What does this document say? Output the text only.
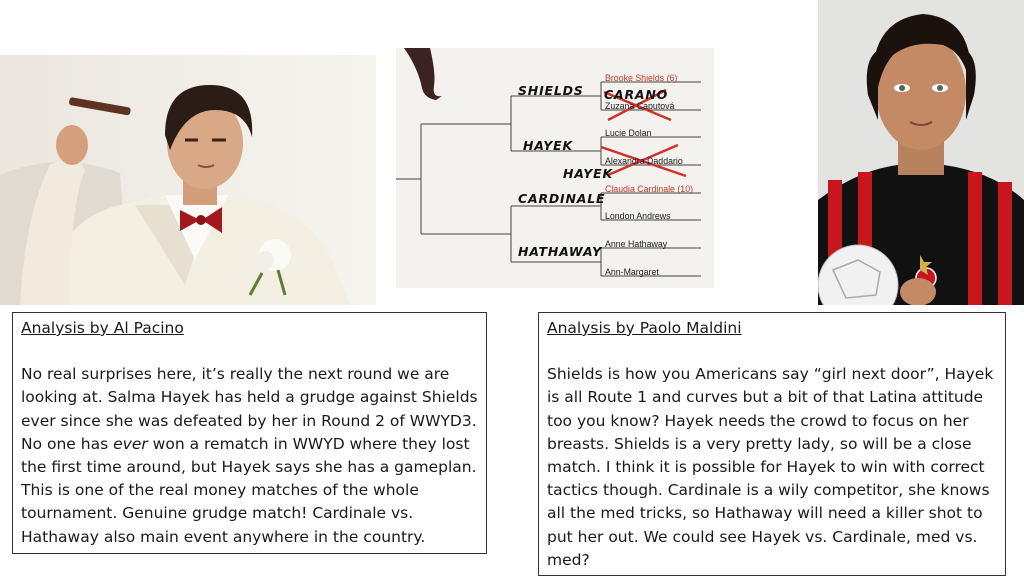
Brooke Shields (6)
Zuzana Caputová
Lucie Dolan
Alexandra Daddario
Claudia Cardinale (10)
London Andrews
Anne Hathaway
Ann-Margaret
SHIELDS CARANO
HAYEK
HAYEK
CARDINALE
HATHAWAY
Analysis by Al Pacino

No real surprises here, it’s really the next round we are looking at. Salma Hayek has held a grudge against Shields ever since she was defeated by her in Round 2 of WWYD3. No one has ever won a rematch in WWYD where they lost the first time around, but Hayek says she has a gameplan. This is one of the real money matches of the whole tournament. Genuine grudge match! Cardinale vs. Hathaway also main event anywhere in the country.

Analysis by Paolo Maldini

Shields is how you Americans say “girl next door”, Hayek is all Route 1 and curves but a bit of that Latina attitude too you know? Hayek needs the crowd to focus on her breasts. Shields is a very pretty lady, so will be a close match. I think it is possible for Hayek to win with correct tactics though. Cardinale is a wily competitor, she knows all the med tricks, so Hathaway will need a killer shot to put her out. We could see Hayek vs. Cardinale, med vs. med?
